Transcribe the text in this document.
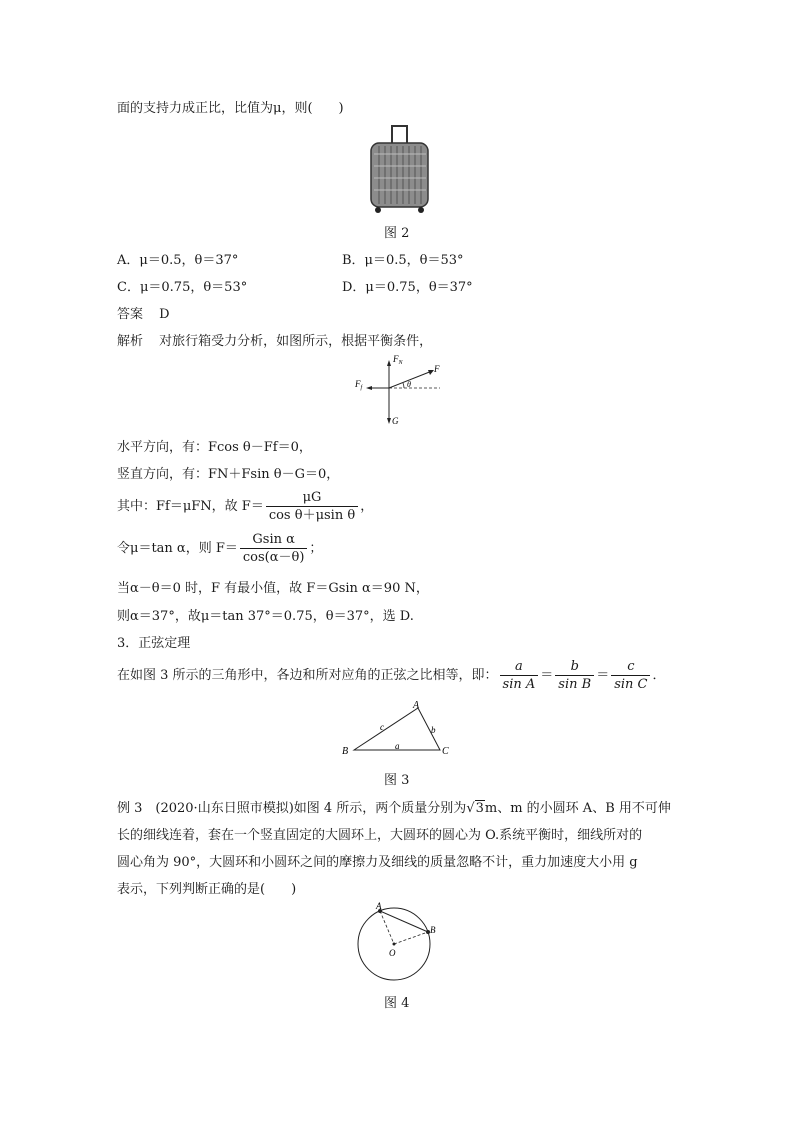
面的支持力成正比，比值为μ，则(　　)
图 2
A．μ＝0.5，θ＝37°	B．μ＝0.5，θ＝53°
C．μ＝0.75，θ＝53°	D．μ＝0.75，θ＝37°
答案 D
解析 对旅行箱受力分析，如图所示，根据平衡条件，
$F_N$
F
$F_f$	θ
G
水平方向，有：Fcos θ－Ff＝0，
竖直方向，有：FN＋Fsin θ－G＝0，
其中：Ff＝μFN，故 $F= \frac{\mu G}{\text{cos θ＋μsin θ}}$ ，
令μ＝tan α，则 $F= \frac{\text{Gsin α}}{\cos(\alpha-\theta)}$ ；
当α－θ＝0 时，F 有最小值，故 F＝Gsin α＝90 N，
则α＝37°，故μ＝tan 37°＝0.75，θ＝37°，选 D.
3．正弦定理
在如图 3 所示的三角形中，各边和所对应角的正弦之比相等，即： $\frac{a}{\text{sin A}} = \frac{b}{\text{sin B}} = \frac{c}{\text{sin C}}$ ．
B
A
C
a
b
c
图 3
例 3　(2020·山东日照市模拟)如图 4 所示，两个质量分别为√3m、m 的小圆环 A、B 用不可伸
长的细线连着，套在一个竖直固定的大圆环上，大圆环的圆心为 O.系统平衡时，细线所对的
圆心角为 90°，大圆环和小圆环之间的摩擦力及细线的质量忽略不计，重力加速度大小用 g
表示，下列判断正确的是(　　)
A
B
O
图 4
